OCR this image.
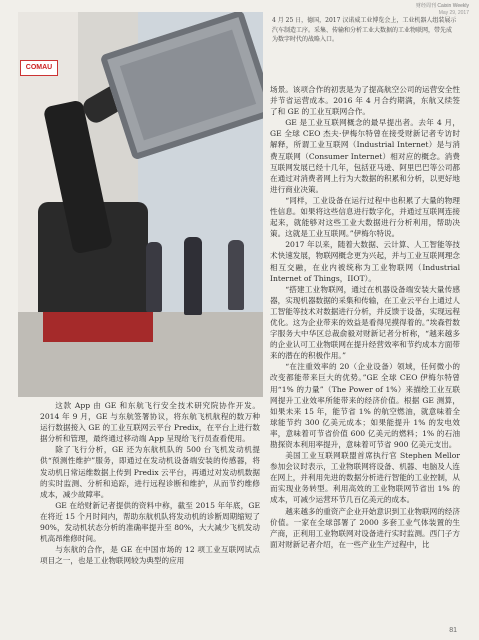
财经周刊 Caixin Weekly
May 29, 2017
COMAU
4 月 25 日，德国，2017 汉诺威工业博览会上，工业机器人组装展示汽车制造工序。采集、传输和分析工业大数据的工业物联网，带先成为数字时代的战略入口。

场景。该项合作的初衷是为了提高航空公司的运营安全性并节省运营成本。2016 年 4 月合约期满，东航又续签了和 GE 的工业互联网合作。

GE 是工业互联网概念的最早提出者。去年 4 月，GE 全球 CEO 杰夫·伊梅尔特曾在接受财新记者专访时解释，所谓工业互联网（Industrial Internet）是与消费互联网（Consumer Internet）相对应的概念。消费互联网发展已经十几年，包括亚马逊、阿里巴巴等公司都在通过对消费者网上行为大数据的积累和分析，以更好地进行商业决策。

“同样，工业设备在运行过程中也积累了大量的物理性信息。如果将这些信息进行数字化，并通过互联网连接起来，就能够对这些工业大数据进行分析利用，帮助决策。这就是工业互联网。”伊梅尔特说。

2017 年以来，随着大数据、云计算、人工智能等技术快速发展，物联网概念更为兴起，并与工业互联网理念相互交融，在业内被统称为工业物联网（Industrial Internet of Things，IIOT）。

“搭建工业物联网，通过在机器设备端安装大量传感器，实现机器数据的采集和传输，在工业云平台上通过人工智能等技术对数据进行分析，并反馈于设备，实现远程优化。这为企业带来的效益是看得见摸得着的。”埃森哲数字服务大中华区总裁俞毅对财新记者分析称，“越来越多的企业认可工业物联网在提升经营效率和节约成本方面带来的潜在的积极作用。”

“在注重效率的 20（企业设备）领域，任何微小的改变都能带来巨大的优势。”GE 全球 CEO 伊梅尔特曾用“1% 的力量”（The Power of 1%）来描绘工业互联网提升工业效率所能带来的经济价值。根据 GE 测算，如果未来 15 年，能节省 1% 的航空燃油，就意味着全球能节约 300 亿美元成本；如果能提升 1% 的发电效率，意味着可节省价值 600 亿美元的燃料；1% 的石油勘探资本利用率提升，意味着可节省 900 亿美元支出。

美国工业互联网联盟首席执行官 Stephen Mellor 参加会议时表示，工业物联网将设备、机器、电脑及人连在网上，并利用先进的数据分析进行智能的工业控制，从而实现业务转型。利用高效的工业物联网节省出 1% 的成本，可减少运营环节几百亿美元的成本。

越来越多的重资产企业开始意识到工业物联网的经济价值。一家在全球部署了 2000 多套工业气体装置的生产商，正利用工业物联网对设备进行实时监测。西门子方面对财新记者介绍，在一些产业生产过程中，比

这款 App 由 GE 和东航飞行安全技术研究院协作开发。2014 年 9 月，GE 与东航签署协议，将东航飞机航程的数万种运行数据接入 GE 的工业互联网云平台 Predix，在平台上进行数据分析和管理，最终通过移动端 App 呈现给飞行员查看使用。

除了飞行分析，GE 还为东航机队的 500 台飞机发动机提供“预测性维护”服务，即通过在发动机设备端安装的传感器，将发动机日常运维数据上传到 Predix 云平台，再通过对发动机数据的实时监测、分析和追踪，进行远程诊断和维护，从而节约维修成本，减少故障率。

GE 在给财新记者提供的资料中称，截至 2015 年年底，GE 在将近 15 个月时间内，帮助东航机队将发动机的诊断周期缩短了 90%，发动机状态分析的准确率提升至 80%，大大减少飞机发动机高昂维修时间。

与东航的合作，是 GE 在中国市场的 12 项工业互联网试点项目之一，也是工业物联网较为典型的应用

81
